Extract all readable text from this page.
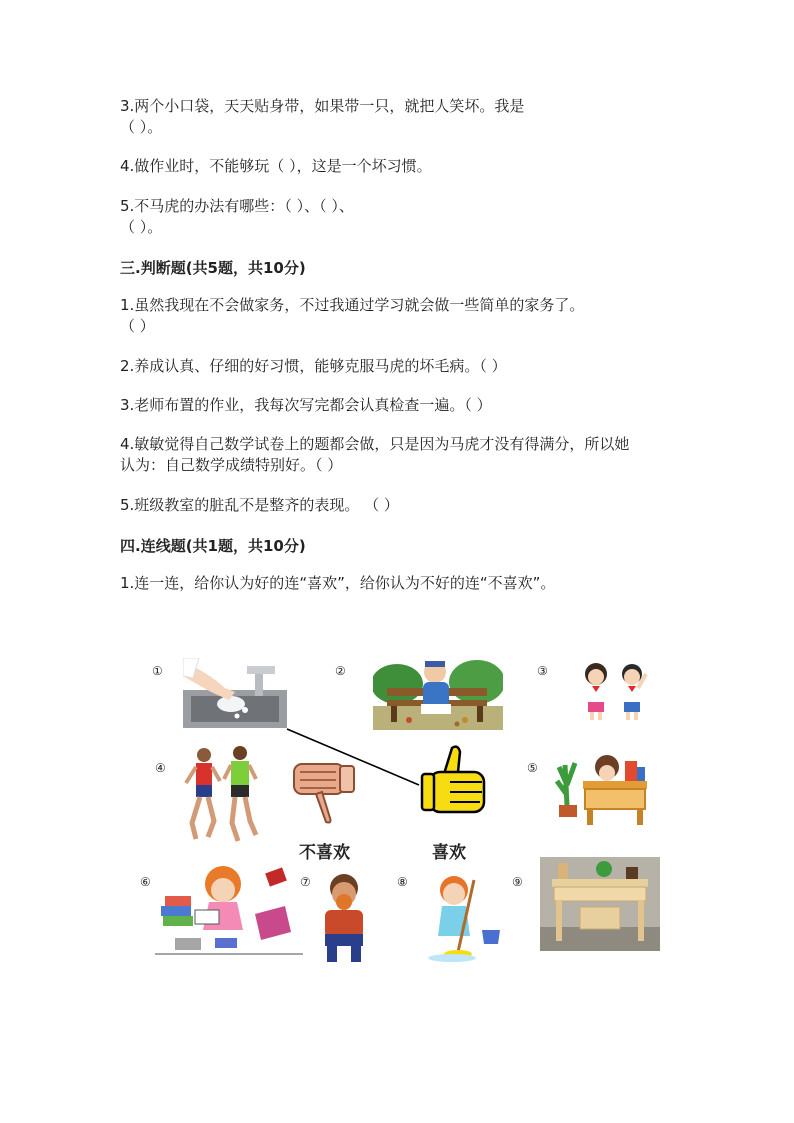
3.两个小口袋，天天贴身带，如果带一只，就把人笑坏。我是
（ ）。
4.做作业时，不能够玩（ ），这是一个坏习惯。
5.不马虎的办法有哪些：（ ）、（ ）、
（ ）。
三.判断题(共5题，共10分)
1.虽然我现在不会做家务，不过我通过学习就会做一些简单的家务了。
（ ）
2.养成认真、仔细的好习惯，能够克服马虎的坏毛病。（ ）
3.老师布置的作业，我每次写完都会认真检查一遍。（ ）
4.敏敏觉得自己数学试卷上的题都会做，只是因为马虎才没有得满分，所以她
认为：自己数学成绩特别好。（ ）
5.班级教室的脏乱不是整齐的表现。 （ ）
四.连线题(共1题，共10分)
1.连一连，给你认为好的连“喜欢”，给你认为不好的连“不喜欢”。
①	②	③
④	⑤
⑥	⑦	⑧	⑨
不喜欢	喜欢
